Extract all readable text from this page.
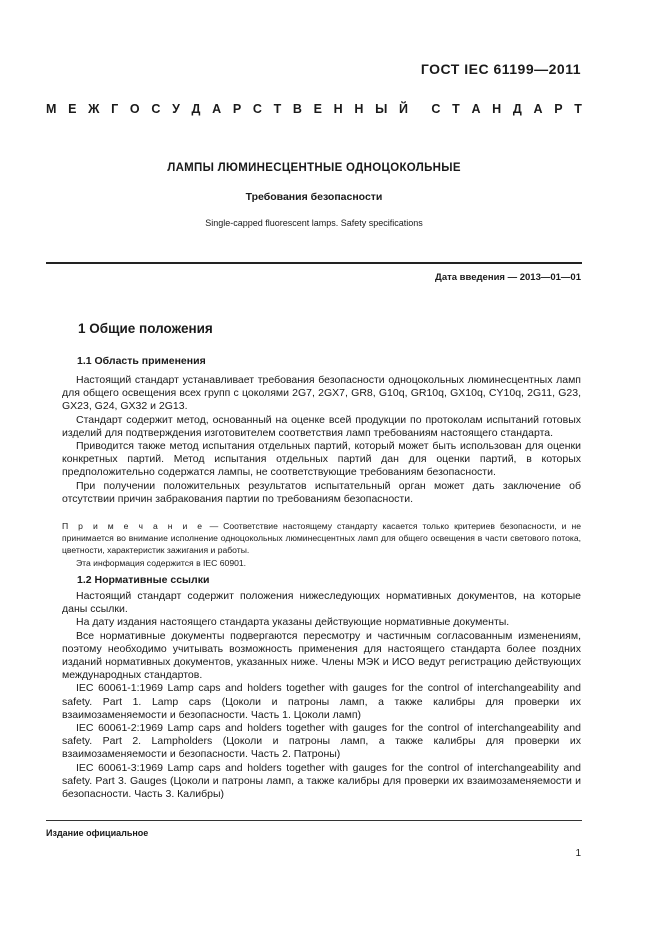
ГОСТ IEC 61199—2011
М Е Ж Г О С У Д А Р С Т В Е Н Н Ы Й С Т А Н Д А Р Т
ЛАМПЫ ЛЮМИНЕСЦЕНТНЫЕ ОДНОЦОКОЛЬНЫЕ
Требования безопасности
Single-capped fluorescent lamps. Safety specifications
Дата введения — 2013—01—01
1 Общие положения
1.1 Область применения

Настоящий стандарт устанавливает требования безопасности одноцокольных люминесцентных ламп для общего освещения всех групп с цоколями 2G7, 2GX7, GR8, G10q, GR10q, GX10q, CY10q, 2G11, G23, GX23, G24, GX32 и 2G13.

Стандарт содержит метод, основанный на оценке всей продукции по протоколам испытаний готовых изделий для подтверждения изготовителем соответствия ламп требованиям настоящего стандарта.

Приводится также метод испытания отдельных партий, который может быть использован для оценки конкретных партий. Метод испытания отдельных партий дан для оценки партий, в которых предположительно содержатся лампы, не соответствующие требованиям безопасности.

При получении положительных результатов испытательный орган может дать заключение об отсутствии причин забракования партии по требованиям безопасности.

П р и м е ч а н и е — Соответствие настоящему стандарту касается только критериев безопасности, и не принимается во внимание исполнение одноцокольных люминесцентных ламп для общего освещения в части светового потока, цветности, характеристик зажигания и работы.

Эта информация содержится в IEC 60901.

1.2 Нормативные ссылки

Настоящий стандарт содержит положения нижеследующих нормативных документов, на которые даны ссылки.

На дату издания настоящего стандарта указаны действующие нормативные документы.

Все нормативные документы подвергаются пересмотру и частичным согласованным изменениям, поэтому необходимо учитывать возможность применения для настоящего стандарта более поздних изданий нормативных документов, указанных ниже. Члены МЭК и ИСО ведут регистрацию действующих международных стандартов.

IEC 60061-1:1969 Lamp caps and holders together with gauges for the control of interchangeability and safety. Part 1. Lamp caps (Цоколи и патроны ламп, а также калибры для проверки их взаимозаменяемости и безопасности. Часть 1. Цоколи ламп)

IEC 60061-2:1969 Lamp caps and holders together with gauges for the control of interchangeability and safety. Part 2. Lampholders (Цоколи и патроны ламп, а также калибры для проверки их взаимозаменяемости и безопасности. Часть 2. Патроны)

IEC 60061-3:1969 Lamp caps and holders together with gauges for the control of interchangeability and safety. Part 3. Gauges (Цоколи и патроны ламп, а также калибры для проверки их взаимозаменяемости и безопасности. Часть 3. Калибры)

Издание официальное
1
